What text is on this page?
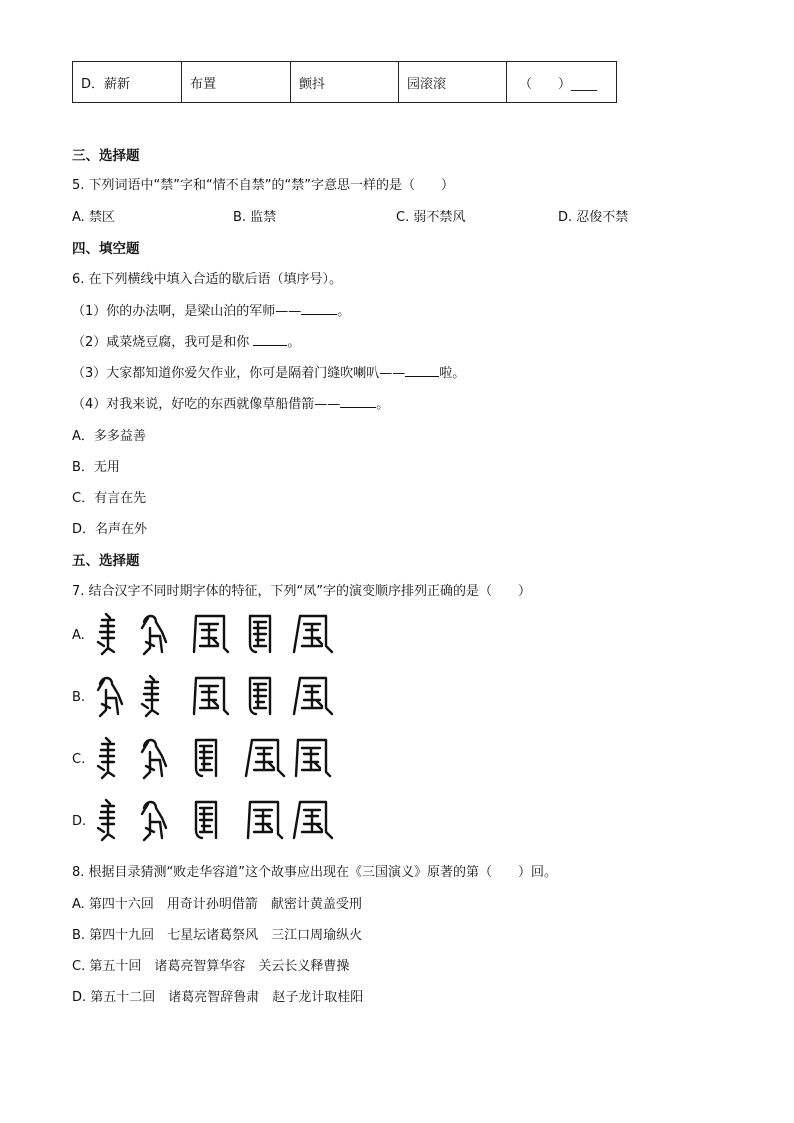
D．薪新	布置	颤抖	园滚滚	（　　）____
三、选择题
5. 下列词语中“禁”字和“情不自禁”的“禁”字意思一样的是（　　）
A. 禁区	B. 监禁	C. 弱不禁风	D. 忍俊不禁
四、填空题
6. 在下列横线中填入合适的歇后语（填序号）。
（1）你的办法啊，是梁山泊的军师——	。
（2）咸菜烧豆腐，我可是和你	。
（3）大家都知道你爱欠作业，你可是隔着门缝吹喇叭——	啦。
（4）对我来说，好吃的东西就像草船借箭——	。
A．多多益善
B．无用
C．有言在先
D．名声在外
五、选择题
7. 结合汉字不同时期字体的特征，下列“凤”字的演变顺序排列正确的是（　　）
A.
B.
C.
D.
8. 根据目录猜测“败走华容道”这个故事应出现在《三国演义》原著的第（　　）回。
A. 第四十六回　用奇计孙明借箭　献密计黄盖受刑
B. 第四十九回　七星坛诸葛祭风　三江口周瑜纵火
C. 第五十回　诸葛亮智算华容　关云长义释曹操
D. 第五十二回　诸葛亮智辞鲁肃　赵子龙计取桂阳
